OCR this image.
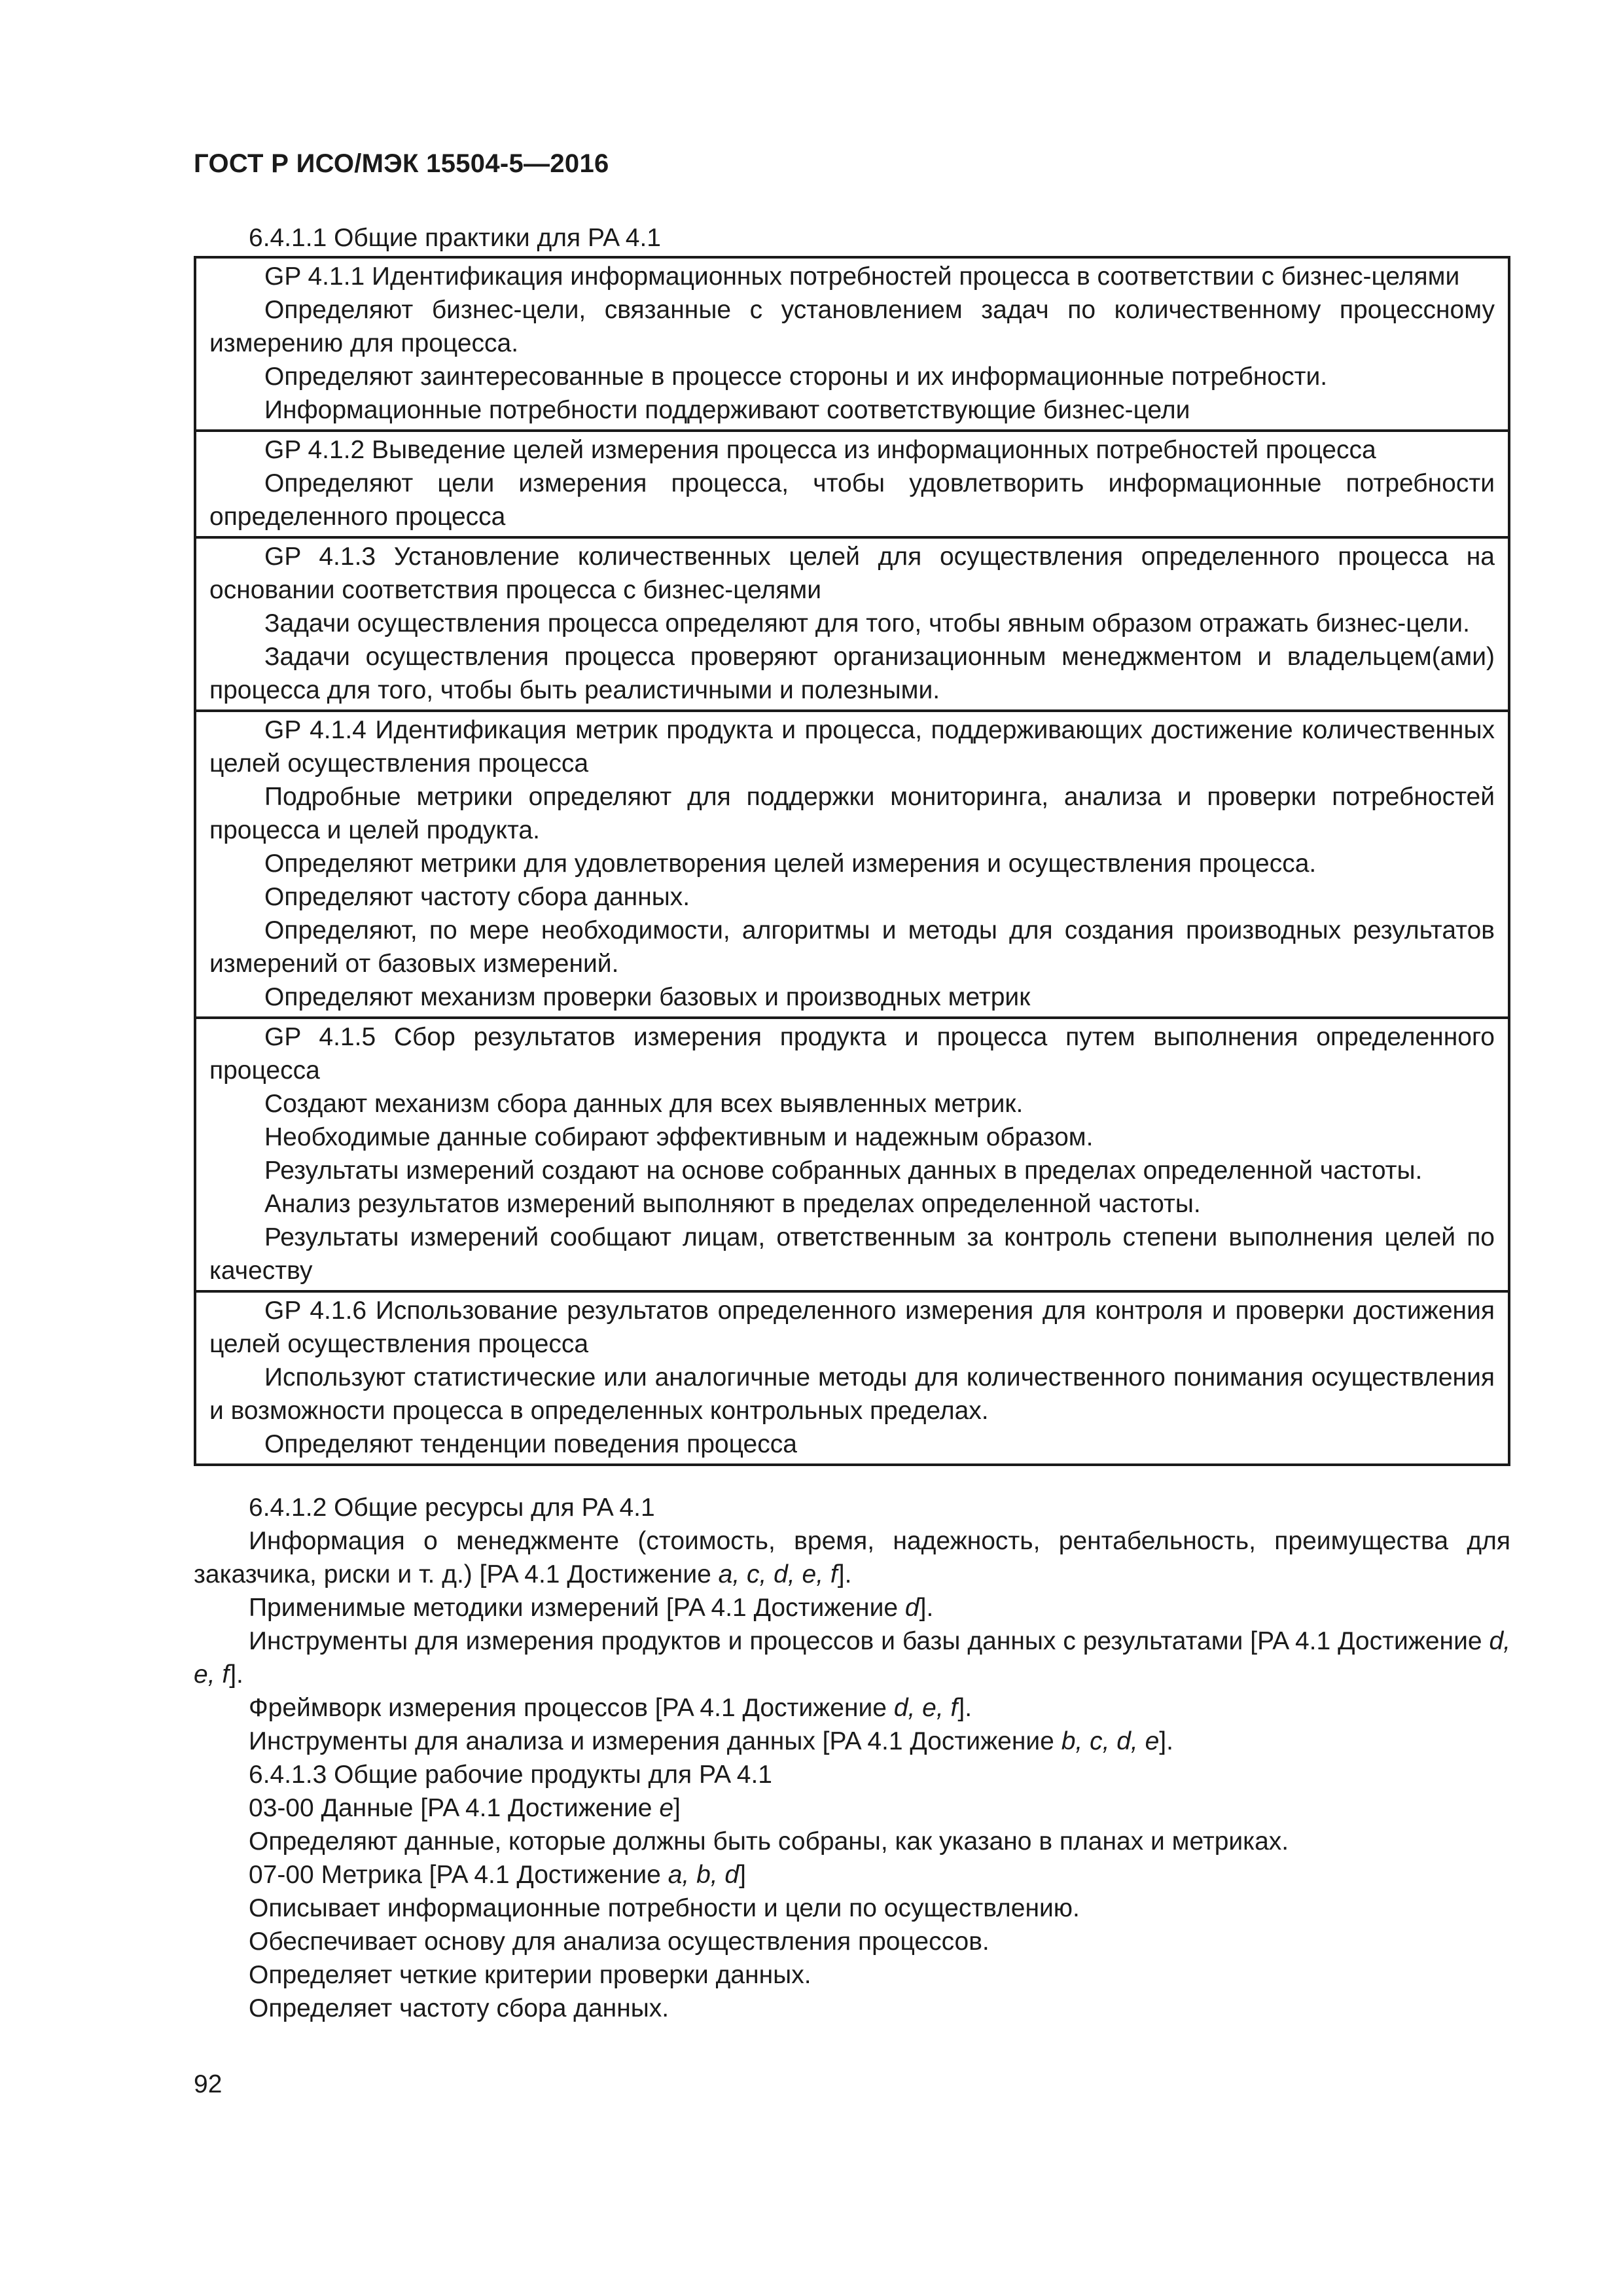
ГОСТ Р ИСО/МЭК 15504-5—2016

6.4.1.1 Общие практики для PA 4.1

GP 4.1.1 Идентификация информационных потребностей процесса в соответствии с бизнес-целями

Определяют бизнес-цели, связанные с установлением задач по количественному процессному измерению для процесса.

Определяют заинтересованные в процессе стороны и их информационные потребности.

Информационные потребности поддерживают соответствующие бизнес-цели

GP 4.1.2 Выведение целей измерения процесса из информационных потребностей процесса

Определяют цели измерения процесса, чтобы удовлетворить информационные потребности определенного процесса

GP 4.1.3 Установление количественных целей для осуществления определенного процесса на основании соответствия процесса с бизнес-целями

Задачи осуществления процесса определяют для того, чтобы явным образом отражать бизнес-цели.

Задачи осуществления процесса проверяют организационным менеджментом и владельцем(ами) процесса для того, чтобы быть реалистичными и полезными.

GP 4.1.4 Идентификация метрик продукта и процесса, поддерживающих достижение количественных целей осуществления процесса

Подробные метрики определяют для поддержки мониторинга, анализа и проверки потребностей процесса и целей продукта.

Определяют метрики для удовлетворения целей измерения и осуществления процесса.

Определяют частоту сбора данных.

Определяют, по мере необходимости, алгоритмы и методы для создания производных результатов измерений от базовых измерений.

Определяют механизм проверки базовых и производных метрик

GP 4.1.5 Сбор результатов измерения продукта и процесса путем выполнения определенного процесса

Создают механизм сбора данных для всех выявленных метрик.

Необходимые данные собирают эффективным и надежным образом.

Результаты измерений создают на основе собранных данных в пределах определенной частоты.

Анализ результатов измерений выполняют в пределах определенной частоты.

Результаты измерений сообщают лицам, ответственным за контроль степени выполнения целей по качеству

GP 4.1.6 Использование результатов определенного измерения для контроля и проверки достижения целей осуществления процесса

Используют статистические или аналогичные методы для количественного понимания осуществления и возможности процесса в определенных контрольных пределах.

Определяют тенденции поведения процесса

6.4.1.2 Общие ресурсы для PA 4.1

Информация о менеджменте (стоимость, время, надежность, рентабельность, преимущества для заказчика, риски и т. д.) [PA 4.1 Достижение a, c, d, e, f].

Применимые методики измерений [PA 4.1 Достижение d].

Инструменты для измерения продуктов и процессов и базы данных с результатами [PA 4.1 Достижение d, e, f].

Фреймворк измерения процессов [PA 4.1 Достижение d, e, f].

Инструменты для анализа и измерения данных [PA 4.1 Достижение b, c, d, e].

6.4.1.3 Общие рабочие продукты для PA 4.1

03-00 Данные [PA 4.1 Достижение e]

Определяют данные, которые должны быть собраны, как указано в планах и метриках.

07-00 Метрика [PA 4.1 Достижение a, b, d]

Описывает информационные потребности и цели по осуществлению.

Обеспечивает основу для анализа осуществления процессов.

Определяет четкие критерии проверки данных.

Определяет частоту сбора данных.

92
